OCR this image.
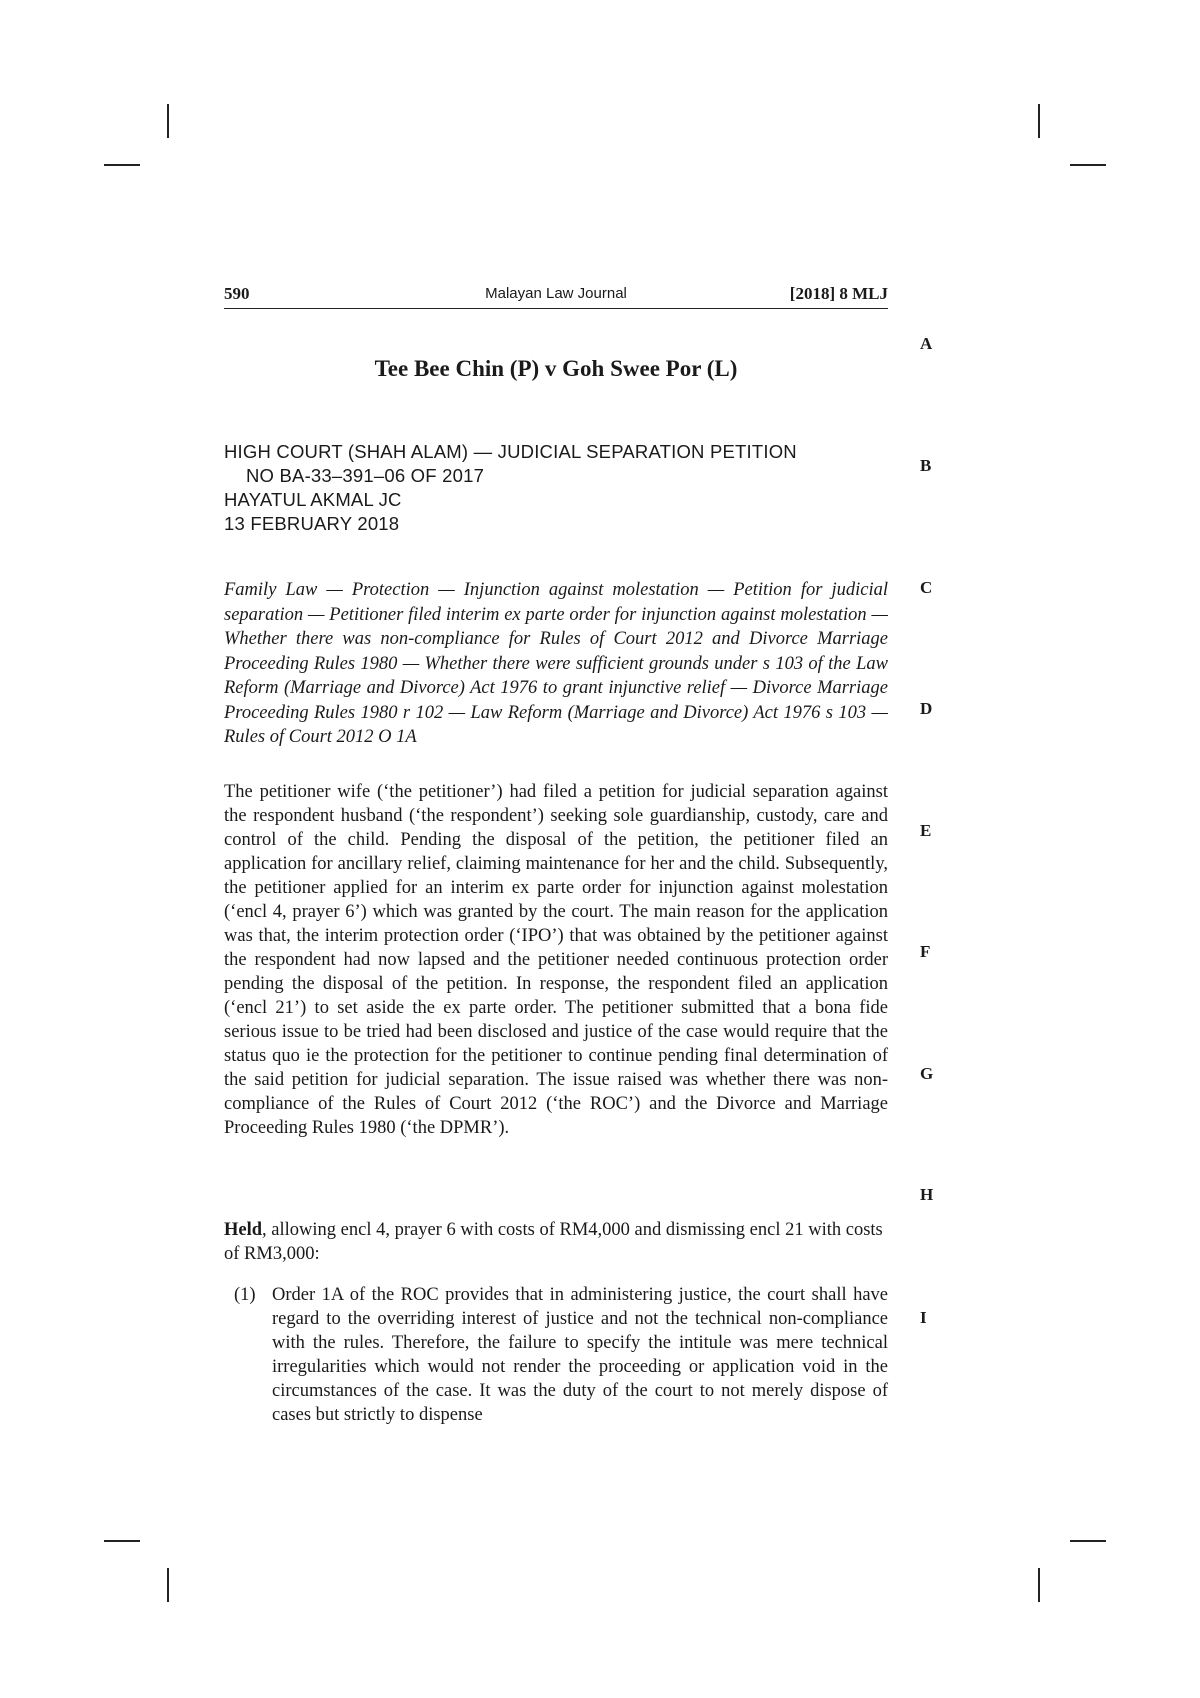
590	Malayan Law Journal	[2018] 8 MLJ
A
B
C
D
E
F
G
H
I
Tee Bee Chin (P) v Goh Swee Por (L)
HIGH COURT (SHAH ALAM) — JUDICIAL SEPARATION PETITION
NO BA-33–391–06 OF 2017
HAYATUL AKMAL JC
13 FEBRUARY 2018
Family Law — Protection — Injunction against molestation — Petition for judicial separation — Petitioner filed interim ex parte order for injunction against molestation — Whether there was non-compliance for Rules of Court 2012 and Divorce Marriage Proceeding Rules 1980 — Whether there were sufficient grounds under s 103 of the Law Reform (Marriage and Divorce) Act 1976 to grant injunctive relief — Divorce Marriage Proceeding Rules 1980 r 102 — Law Reform (Marriage and Divorce) Act 1976 s 103 — Rules of Court 2012 O 1A
The petitioner wife (‘the petitioner’) had filed a petition for judicial separation against the respondent husband (‘the respondent’) seeking sole guardianship, custody, care and control of the child. Pending the disposal of the petition, the petitioner filed an application for ancillary relief, claiming maintenance for her and the child. Subsequently, the petitioner applied for an interim ex parte order for injunction against molestation (‘encl 4, prayer 6’) which was granted by the court. The main reason for the application was that, the interim protection order (‘IPO’) that was obtained by the petitioner against the respondent had now lapsed and the petitioner needed continuous protection order pending the disposal of the petition. In response, the respondent filed an application (‘encl 21’) to set aside the ex parte order. The petitioner submitted that a bona fide serious issue to be tried had been disclosed and justice of the case would require that the status quo ie the protection for the petitioner to continue pending final determination of the said petition for judicial separation. The issue raised was whether there was non-compliance of the Rules of Court 2012 (‘the ROC’) and the Divorce and Marriage Proceeding Rules 1980 (‘the DPMR’).
Held, allowing encl 4, prayer 6 with costs of RM4,000 and dismissing encl 21 with costs of RM3,000:
(1) Order 1A of the ROC provides that in administering justice, the court shall have regard to the overriding interest of justice and not the technical non-compliance with the rules. Therefore, the failure to specify the intitule was mere technical irregularities which would not render the proceeding or application void in the circumstances of the case. It was the duty of the court to not merely dispose of cases but strictly to dispense
